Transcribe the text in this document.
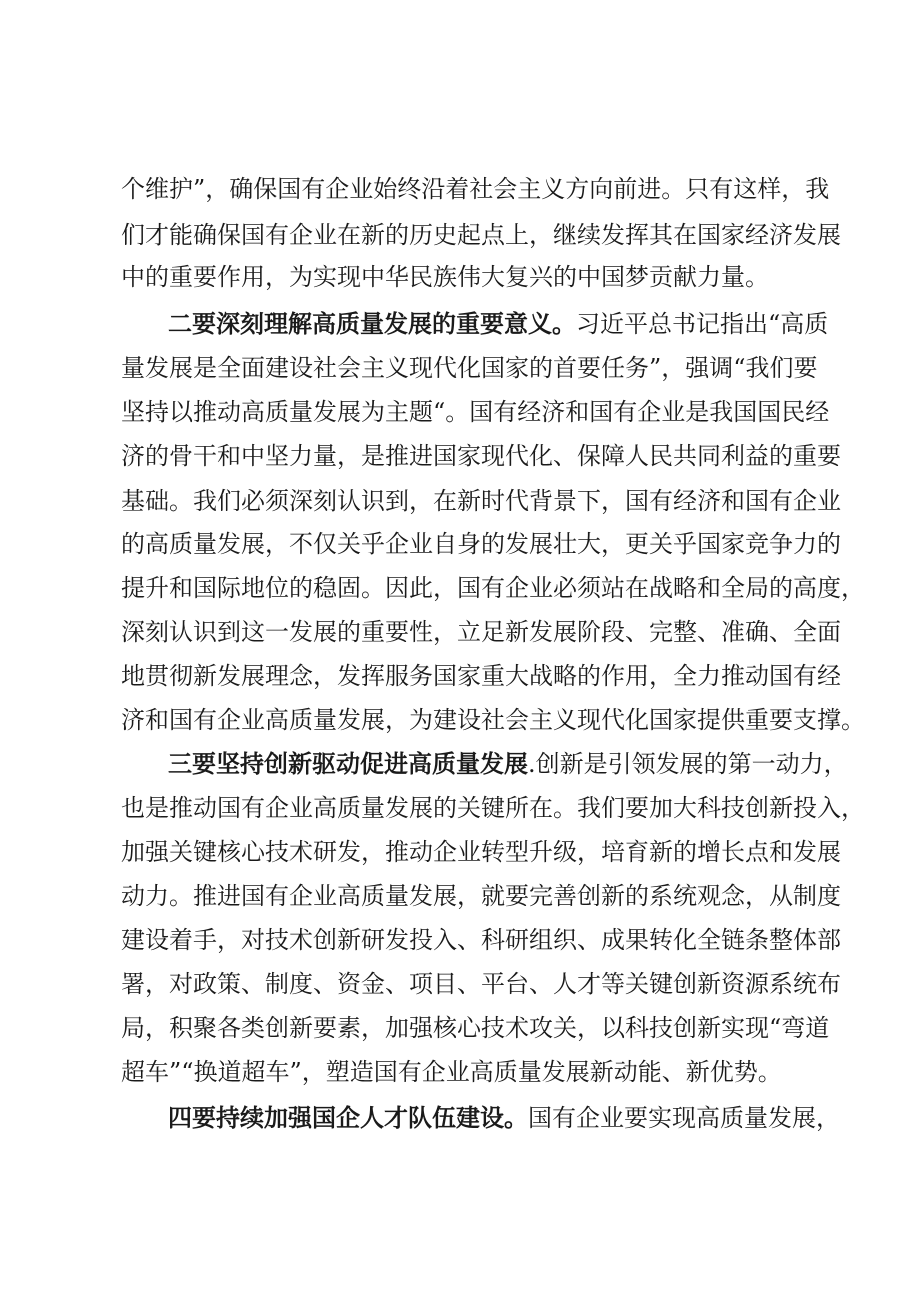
个维护”，确保国有企业始终沿着社会主义方向前进。只有这样，我
们才能确保国有企业在新的历史起点上，继续发挥其在国家经济发展
中的重要作用，为实现中华民族伟大复兴的中国梦贡献力量。
二要深刻理解高质量发展的重要意义。习近平总书记指出“高质
量发展是全面建设社会主义现代化国家的首要任务”，强调“我们要
坚持以推动高质量发展为主题“。国有经济和国有企业是我国国民经
济的骨干和中坚力量，是推进国家现代化、保障人民共同利益的重要
基础。我们必须深刻认识到，在新时代背景下，国有经济和国有企业
的高质量发展，不仅关乎企业自身的发展壮大，更关乎国家竞争力的
提升和国际地位的稳固。因此，国有企业必须站在战略和全局的高度，
深刻认识到这一发展的重要性，立足新发展阶段、完整、准确、全面
地贯彻新发展理念，发挥服务国家重大战略的作用，全力推动国有经
济和国有企业高质量发展，为建设社会主义现代化国家提供重要支撑。
三要坚持创新驱动促进高质量发展.创新是引领发展的第一动力，
也是推动国有企业高质量发展的关键所在。我们要加大科技创新投入，
加强关键核心技术研发，推动企业转型升级，培育新的增长点和发展
动力。推进国有企业高质量发展，就要完善创新的系统观念，从制度
建设着手，对技术创新研发投入、科研组织、成果转化全链条整体部
署，对政策、制度、资金、项目、平台、人才等关键创新资源系统布
局，积聚各类创新要素，加强核心技术攻关，以科技创新实现“弯道
超车”“换道超车”，塑造国有企业高质量发展新动能、新优势。
四要持续加强国企人才队伍建设。国有企业要实现高质量发展，
